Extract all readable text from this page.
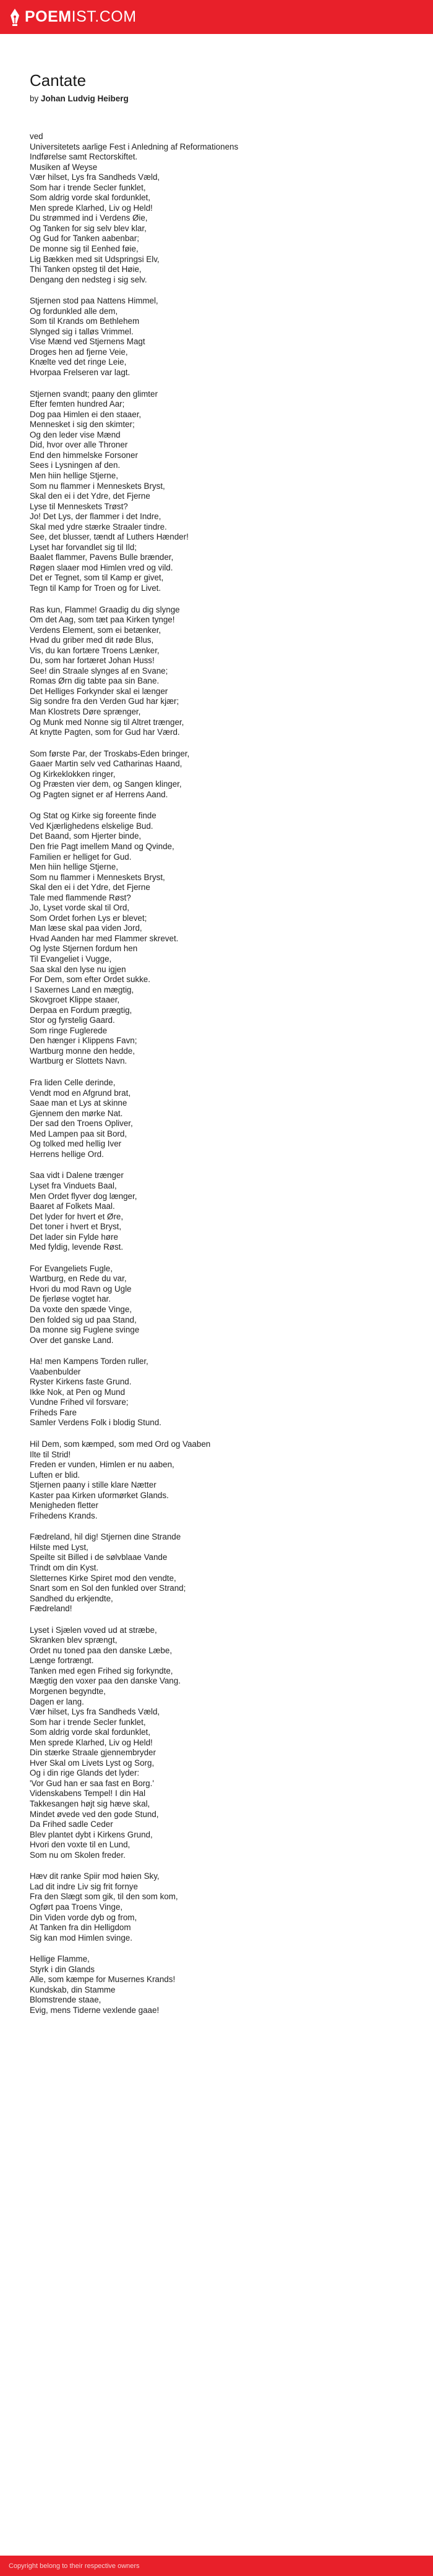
POEMIST.COM
Cantate
by Johan Ludvig Heiberg
ved
Universitetets aarlige Fest i Anledning af Reformationens
Indførelse samt Rectorskiftet.
Musiken af Weyse
Vær hilset, Lys fra Sandheds Væld,
Som har i trende Secler funklet,
Som aldrig vorde skal fordunklet,
Men sprede Klarhed, Liv og Held!
Du strømmed ind i Verdens Øie,
Og Tanken for sig selv blev klar,
Og Gud for Tanken aabenbar;
De monne sig til Eenhed føie,
Lig Bækken med sit Udspringsi Elv,
Thi Tanken opsteg til det Høie,
Dengang den nedsteg i sig selv.
Stjernen stod paa Nattens Himmel,
Og fordunkled alle dem,
Som til Krands om Bethlehem
Slynged sig i talløs Vrimmel.
Vise Mænd ved Stjernens Magt
Droges hen ad fjerne Veie,
Knælte ved det ringe Leie,
Hvorpaa Frelseren var lagt.
Stjernen svandt; paany den glimter
Efter femten hundred Aar;
Dog paa Himlen ei den staaer,
Mennesket i sig den skimter;
Og den leder vise Mænd
Did, hvor over alle Throner
End den himmelske Forsoner
Sees i Lysningen af den.
Men hiin hellige Stjerne,
Som nu flammer i Menneskets Bryst,
Skal den ei i det Ydre, det Fjerne
Lyse til Menneskets Trøst?
Jo! Det Lys, der flammer i det Indre,
Skal med ydre stærke Straaler tindre.
See, det blusser, tændt af Luthers Hænder!
Lyset har forvandlet sig til Ild;
Baalet flammer, Pavens Bulle brænder,
Røgen slaaer mod Himlen vred og vild.
Det er Tegnet, som til Kamp er givet,
Tegn til Kamp for Troen og for Livet.
Ras kun, Flamme! Graadig du dig slynge
Om det Aag, som tæt paa Kirken tynge!
Verdens Element, som ei betænker,
Hvad du griber med dit røde Blus,
Vis, du kan fortære Troens Lænker,
Du, som har fortæret Johan Huss!
See! din Straale slynges af en Svane;
Romas Ørn dig tabte paa sin Bane.
Det Helliges Forkynder skal ei længer
Sig sondre fra den Verden Gud har kjær;
Man Klostrets Døre sprænger,
Og Munk med Nonne sig til Altret trænger,
At knytte Pagten, som for Gud har Værd.
Som første Par, der Troskabs-Eden bringer,
Gaaer Martin selv ved Catharinas Haand,
Og Kirkeklokken ringer,
Og Præsten vier dem, og Sangen klinger,
Og Pagten signet er af Herrens Aand.
Og Stat og Kirke sig foreente finde
Ved Kjærlighedens elskelige Bud.
Det Baand, som Hjerter binde,
Den frie Pagt imellem Mand og Qvinde,
Familien er helliget for Gud.
Men hiin hellige Stjerne,
Som nu flammer i Menneskets Bryst,
Skal den ei i det Ydre, det Fjerne
Tale med flammende Røst?
Jo, Lyset vorde skal til Ord,
Som Ordet forhen Lys er blevet;
Man læse skal paa viden Jord,
Hvad Aanden har med Flammer skrevet.
Og lyste Stjernen fordum hen
Til Evangeliet i Vugge,
Saa skal den lyse nu igjen
For Dem, som efter Ordet sukke.
I Saxernes Land en mægtig,
Skovgroet Klippe staaer,
Derpaa en Fordum prægtig,
Stor og fyrstelig Gaard.
Som ringe Fuglerede
Den hænger i Klippens Favn;
Wartburg monne den hedde,
Wartburg er Slottets Navn.
Fra liden Celle derinde,
Vendt mod en Afgrund brat,
Saae man et Lys at skinne
Gjennem den mørke Nat.
Der sad den Troens Opliver,
Med Lampen paa sit Bord,
Og tolked med hellig Iver
Herrens hellige Ord.
Saa vidt i Dalene trænger
Lyset fra Vinduets Baal,
Men Ordet flyver dog længer,
Baaret af Folkets Maal.
Det lyder for hvert et Øre,
Det toner i hvert et Bryst,
Det lader sin Fylde høre
Med fyldig, levende Røst.
For Evangeliets Fugle,
Wartburg, en Rede du var,
Hvori du mod Ravn og Ugle
De fjerløse vogtet har.
Da voxte den spæde Vinge,
Den folded sig ud paa Stand,
Da monne sig Fuglene svinge
Over det ganske Land.
Ha! men Kampens Torden ruller,
Vaabenbulder
Ryster Kirkens faste Grund.
Ikke Nok, at Pen og Mund
Vundne Frihed vil forsvare;
Friheds Fare
Samler Verdens Folk i blodig Stund.
Hil Dem, som kæmped, som med Ord og Vaaben
Ilte til Strid!
Freden er vunden, Himlen er nu aaben,
Luften er blid.
Stjernen paany i stille klare Nætter
Kaster paa Kirken uformørket Glands.
Menigheden fletter
Frihedens Krands.
Fædreland, hil dig! Stjernen dine Strande
Hilste med Lyst,
Speilte sit Billed i de sølvblaae Vande
Trindt om din Kyst.
Sletternes Kirke Spiret mod den vendte,
Snart som en Sol den funkled over Strand;
Sandhed du erkjendte,
Fædreland!
Lyset i Sjælen voved ud at stræbe,
Skranken blev sprængt,
Ordet nu toned paa den danske Læbe,
Længe fortrængt.
Tanken med egen Frihed sig forkyndte,
Mægtig den voxer paa den danske Vang.
Morgenen begyndte,
Dagen er lang.
Vær hilset, Lys fra Sandheds Væld,
Som har i trende Secler funklet,
Som aldrig vorde skal fordunklet,
Men sprede Klarhed, Liv og Held!
Din stærke Straale gjennembryder
Hver Skal om Livets Lyst og Sorg,
Og i din rige Glands det lyder:
'Vor Gud han er saa fast en Borg.'
Videnskabens Tempel! I din Hal
Takkesangen højt sig hæve skal,
Mindet øvede ved den gode Stund,
Da Frihed sadle Ceder
Blev plantet dybt i Kirkens Grund,
Hvori den voxte til en Lund,
Som nu om Skolen freder.
Hæv dit ranke Spiir mod høien Sky,
Lad dit indre Liv sig frit fornye
Fra den Slægt som gik, til den som kom,
Ogført paa Troens Vinge,
Din Viden vorde dyb og from,
At Tanken fra din Helligdom
Sig kan mod Himlen svinge.
Hellige Flamme,
Styrk i din Glands
Alle, som kæmpe for Musernes Krands!
Kundskab, din Stamme
Blomstrende staae,
Evig, mens Tiderne vexlende gaae!
Copyright belong to their respective owners
